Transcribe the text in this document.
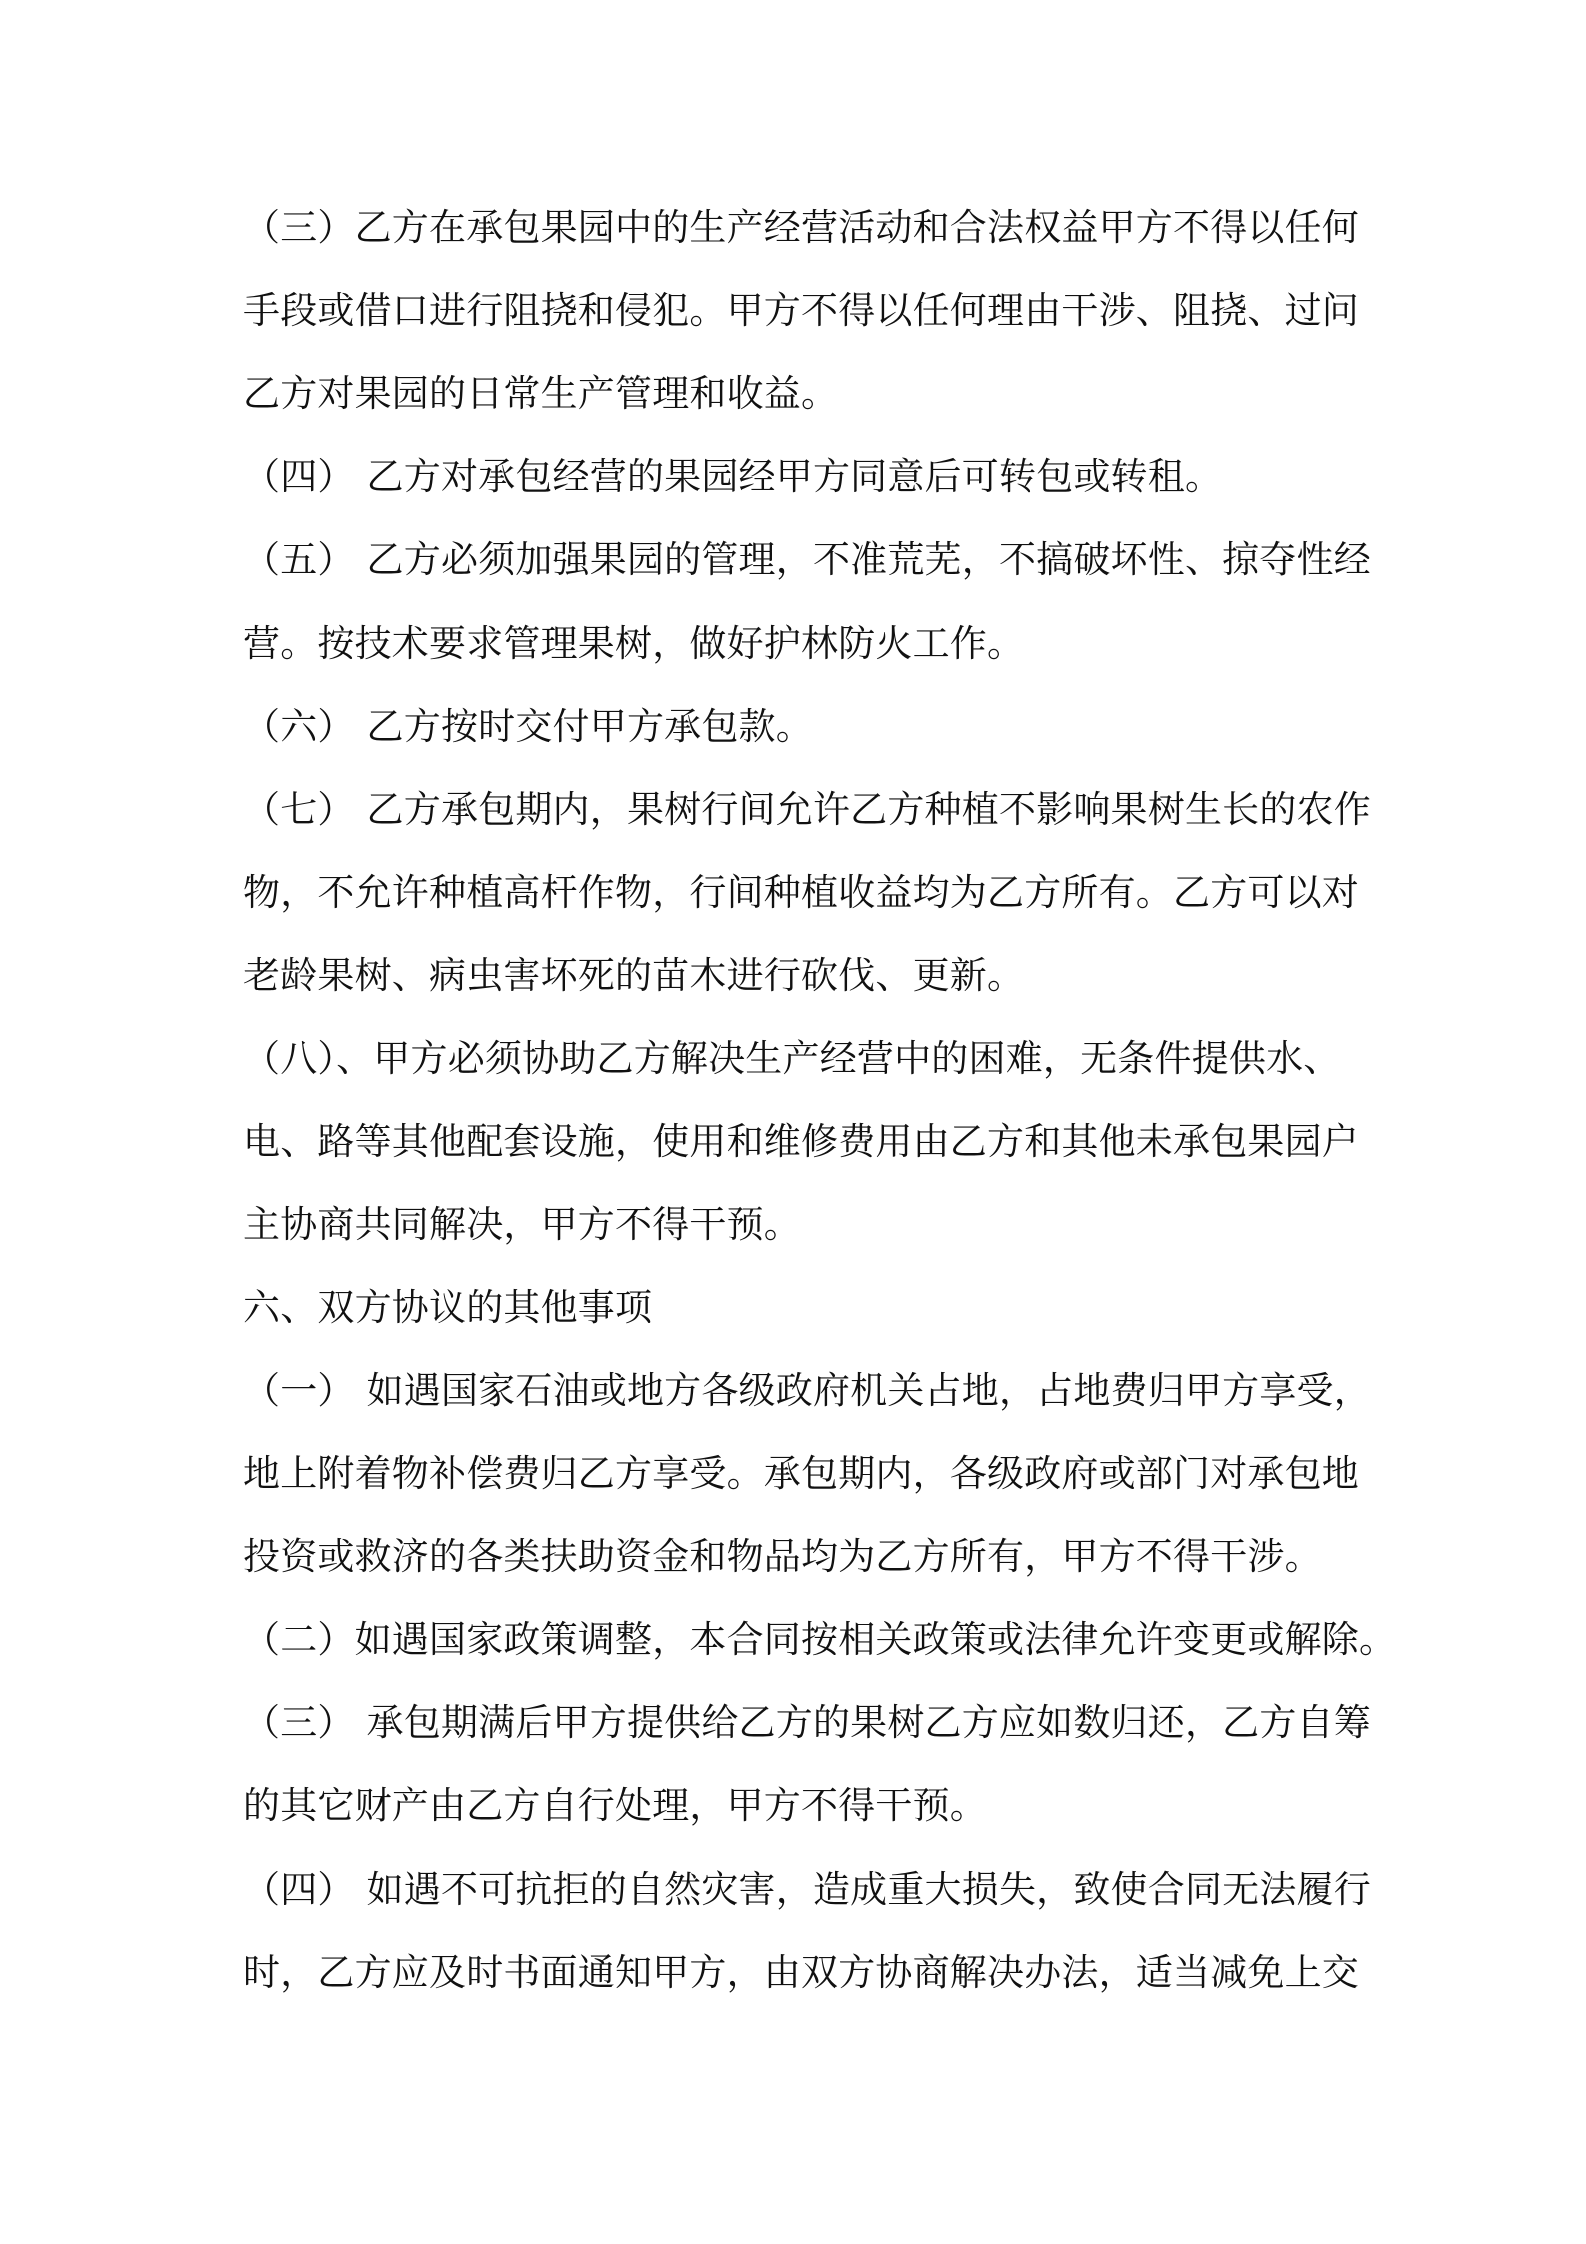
（三）乙方在承包果园中的生产经营活动和合法权益甲方不得以任何
手段或借口进行阻挠和侵犯。甲方不得以任何理由干涉、阻挠、过问
乙方对果园的日常生产管理和收益。
（四） 乙方对承包经营的果园经甲方同意后可转包或转租。
（五） 乙方必须加强果园的管理，不准荒芜，不搞破坏性、掠夺性经
营。按技术要求管理果树，做好护林防火工作。
（六） 乙方按时交付甲方承包款。
（七） 乙方承包期内，果树行间允许乙方种植不影响果树生长的农作
物，不允许种植高杆作物，行间种植收益均为乙方所有。乙方可以对
老龄果树、病虫害坏死的苗木进行砍伐、更新。
（八）、甲方必须协助乙方解决生产经营中的困难，无条件提供水、
电、路等其他配套设施，使用和维修费用由乙方和其他未承包果园户
主协商共同解决，甲方不得干预。
六、双方协议的其他事项
（一） 如遇国家石油或地方各级政府机关占地，占地费归甲方享受，
地上附着物补偿费归乙方享受。承包期内，各级政府或部门对承包地
投资或救济的各类扶助资金和物品均为乙方所有，甲方不得干涉。
（二）如遇国家政策调整，本合同按相关政策或法律允许变更或解除。
（三） 承包期满后甲方提供给乙方的果树乙方应如数归还，乙方自筹
的其它财产由乙方自行处理，甲方不得干预。
（四） 如遇不可抗拒的自然灾害，造成重大损失，致使合同无法履行
时，乙方应及时书面通知甲方，由双方协商解决办法，适当减免上交
